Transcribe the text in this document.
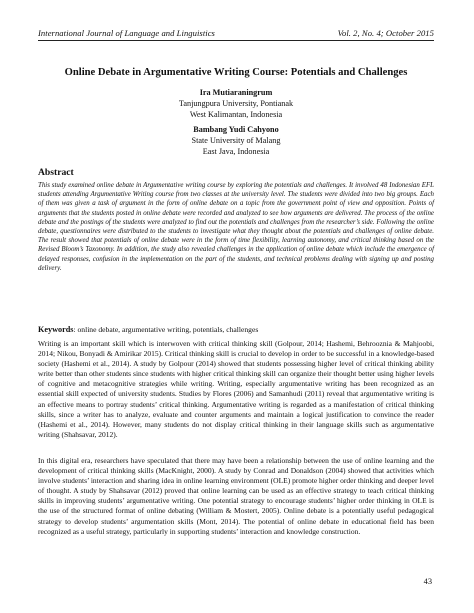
International Journal of Language and Linguistics	Vol. 2, No. 4; October 2015
Online Debate in Argumentative Writing Course: Potentials and Challenges
Ira Mutiaraningrum
Tanjungpura University, Pontianak
West Kalimantan, Indonesia
Bambang Yudi Cahyono
State University of Malang
East Java, Indonesia
Abstract
This study examined online debate in Argumentative writing course by exploring the potentials and challenges. It involved 48 Indonesian EFL students attending Argumentative Writing course from two classes at the university level. The students were divided into two big groups. Each of them was given a task of argument in the form of online debate on a topic from the government point of view and opposition. Points of arguments that the students posted in online debate were recorded and analyzed to see how arguments are delivered. The process of the online debate and the postings of the students were analyzed to find out the potentials and challenges from the researcher’s side. Following the online debate, questionnaires were distributed to the students to investigate what they thought about the potentials and challenges of online debate. The result showed that potentials of online debate were in the form of time flexibility, learning autonomy, and critical thinking based on the Revised Bloom’s Taxonomy. In addition, the study also revealed challenges in the application of online debate which include the emergence of delayed responses, confusion in the implementation on the part of the students, and technical problems dealing with signing up and posting delivery.
Keywords: online debate, argumentative writing, potentials, challenges
Writing is an important skill which is interwoven with critical thinking skill (Golpour, 2014; Hashemi, Behrooznia & Mahjoobi, 2014; Nikou, Bonyadi & Amirikar 2015). Critical thinking skill is crucial to develop in order to be successful in a knowledge-based society (Hashemi et al., 2014). A study by Golpour (2014) showed that students possessing higher level of critical thinking ability write better than other students since students with higher critical thinking skill can organize their thought better using higher levels of cognitive and metacognitive strategies while writing. Writing, especially argumentative writing has been recognized as an essential skill expected of university students. Studies by Flores (2006) and Samanhudi (2011) reveal that argumentative writing is an effective means to portray students’ critical thinking. Argumentative writing is regarded as a manifestation of critical thinking skills, since a writer has to analyze, evaluate and counter arguments and maintain a logical justification to convince the reader (Hashemi et al., 2014). However, many students do not display critical thinking in their language skills such as argumentative writing (Shahsavar, 2012).
In this digital era, researchers have speculated that there may have been a relationship between the use of online learning and the development of critical thinking skills (MacKnight, 2000). A study by Conrad and Donaldson (2004) showed that activities which involve students’ interaction and sharing idea in online learning environment (OLE) promote higher order thinking and deeper level of thought. A study by Shahsavar (2012) proved that online learning can be used as an effective strategy to teach critical thinking skills in improving students’ argumentative writing. One potential strategy to encourage students’ higher order thinking in OLE is the use of the structured format of online debating (William & Mostert, 2005). Online debate is a potentially useful pedagogical strategy to develop students’ argumentation skills (Mont, 2014). The potential of online debate in educational field has been recognized as a useful strategy, particularly in supporting students’ interaction and knowledge construction.
43
